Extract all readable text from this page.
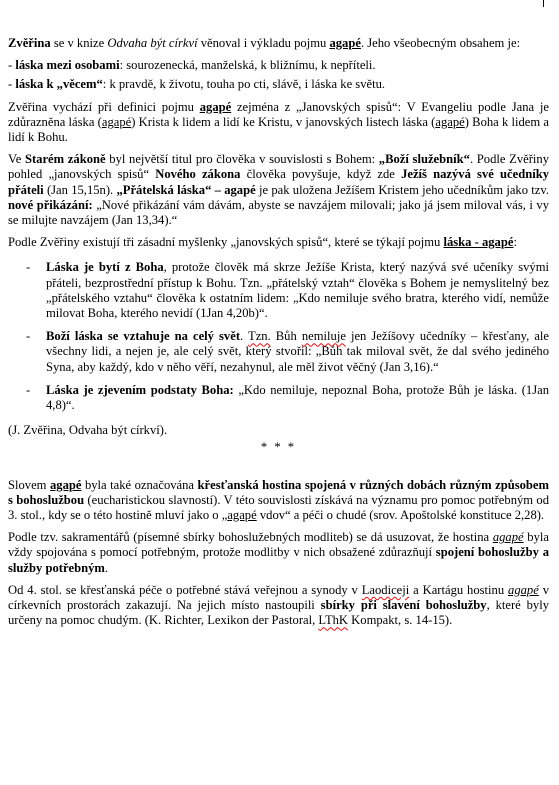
Zvěřina se v knize Odvaha být církví věnoval i výkladu pojmu agapé. Jeho všeobecným obsahem je:

- láska mezi osobami: sourozenecká, manželská, k bližnímu, k nepříteli.

- láska k „věcem“: k pravdě, k životu, touha po cti, slávě, i láska ke světu.

Zvěřina vychází při definici pojmu agapé zejména z „Janovských spisů“: V Evangeliu podle Jana je zdůrazněna láska (agapé) Krista k lidem a lidí ke Kristu, v janovských listech láska (agapé) Boha k lidem a lidí k Bohu.

Ve Starém zákoně byl největší titul pro člověka v souvislosti s Bohem: „Boží služebník“. Podle Zvěřiny pohled „janovských spisů“ Nového zákona člověka povyšuje, když zde Ježíš nazývá své učedníky přáteli (Jan 15,15n). „Přátelská láska“ – agapé je pak uložena Ježíšem Kristem jeho učedníkům jako tzv. nové přikázání: „Nové přikázání vám dávám, abyste se navzájem milovali; jako já jsem miloval vás, i vy se milujte navzájem (Jan 13,34).“

Podle Zvěřiny existují tři zásadní myšlenky „janovských spisů“, které se týkají pojmu láska - agapé:

- Láska je bytí z Boha, protože člověk má skrze Ježíše Krista, který nazývá své učeníky svými přáteli, bezprostřední přístup k Bohu. Tzn. „přátelský vztah“ člověka s Bohem je nemyslitelný bez „přátelského vztahu“ člověka k ostatním lidem: „Kdo nemiluje svého bratra, kterého vidí, nemůže milovat Boha, kterého nevidí (1Jan 4,20b)“.
- Boží láska se vztahuje na celý svět. Tzn. Bůh nemiluje jen Ježíšovy učedníky – křesťany, ale všechny lidi, a nejen je, ale celý svět, který stvořil: „Bůh tak miloval svět, že dal svého jediného Syna, aby každý, kdo v něho věří, nezahynul, ale měl život věčný (Jan 3,16).“
- Láska je zjevením podstaty Boha: „Kdo nemiluje, nepoznal Boha, protože Bůh je láska. (1Jan 4,8)“.

(J. Zvěřina, Odvaha být církví).

* * *

Slovem agapé byla také označována křesťanská hostina spojená v různých dobách různým způsobem s bohoslužbou (eucharistickou slavností). V této souvislosti získává na významu pro pomoc potřebným od 3. stol., kdy se o této hostině mluví jako o „agapé vdov“ a péči o chudé (srov. Apoštolské konstituce 2,28).

Podle tzv. sakramentářů (písemné sbírky bohoslužebných modliteb) se dá usuzovat, že hostina agapé byla vždy spojována s pomocí potřebným, protože modlitby v nich obsažené zdůrazňují spojení bohoslužby a služby potřebným.

Od 4. stol. se křesťanská péče o potřebné stává veřejnou a synody v Laodiceji a Kartágu hostinu agapé v církevních prostorách zakazují. Na jejich místo nastoupili sbírky při slavení bohoslužby, které byly určeny na pomoc chudým. (K. Richter, Lexikon der Pastoral, LThK Kompakt, s. 14-15).
